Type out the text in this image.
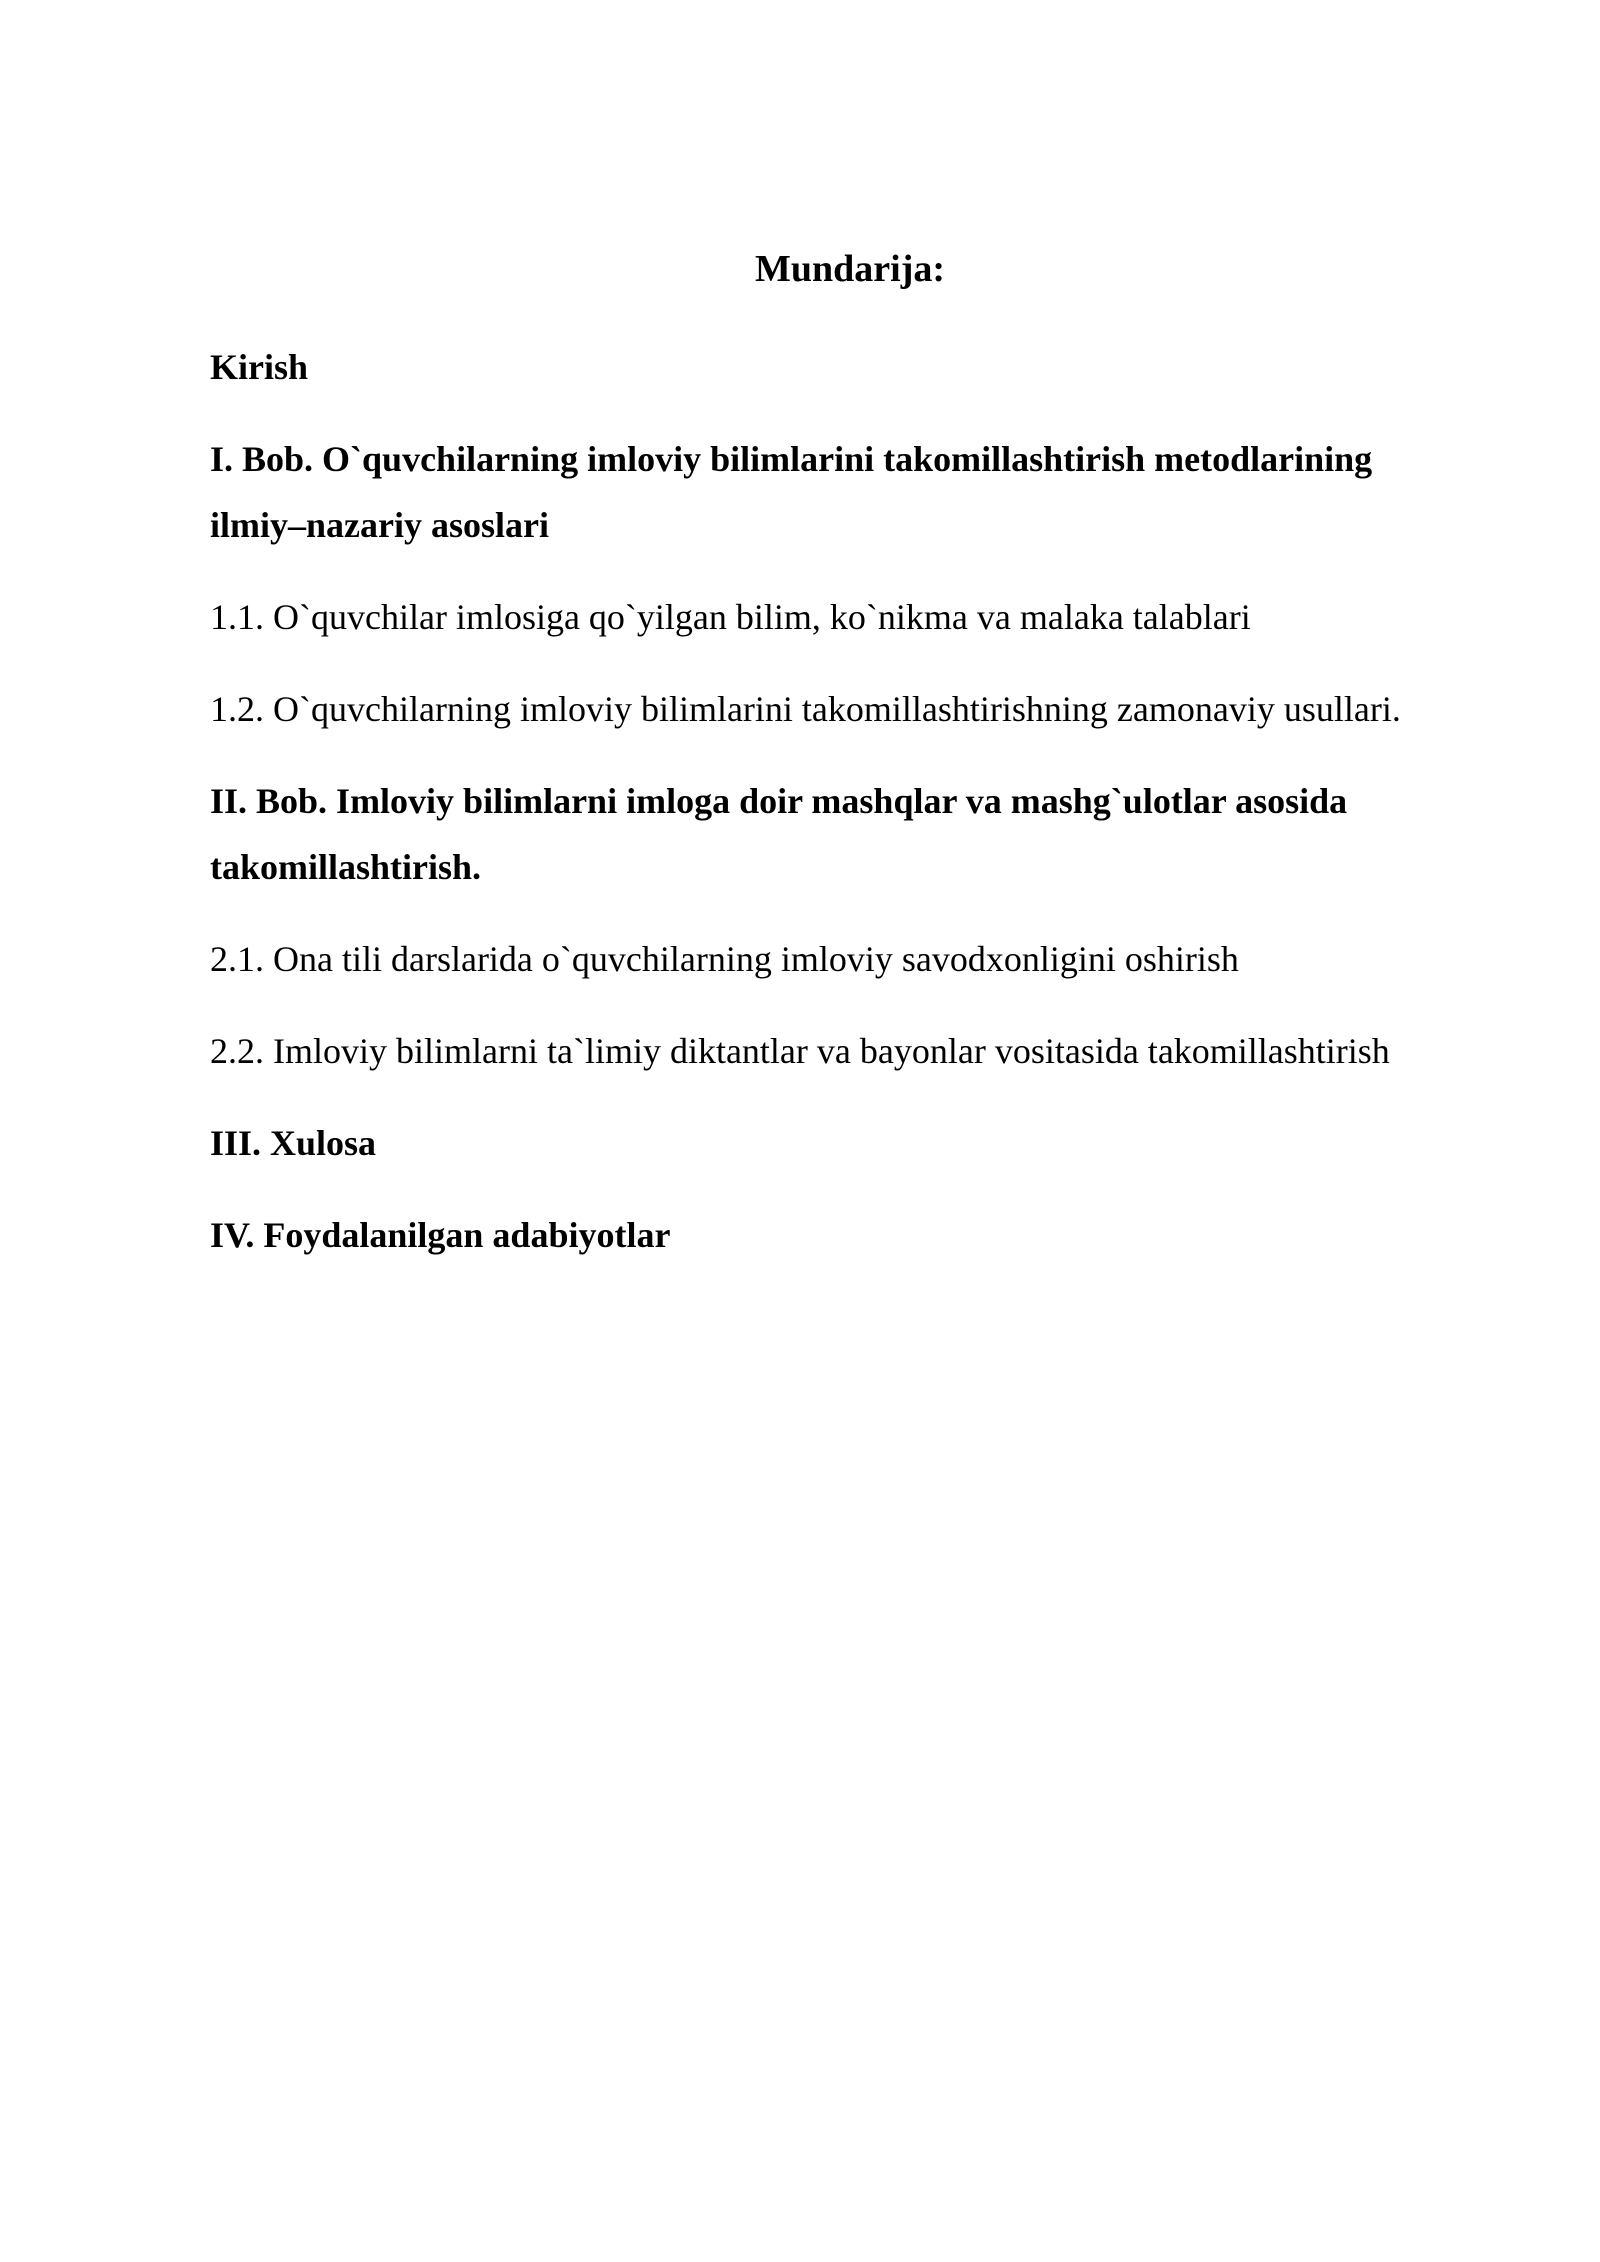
Mundarija:
Kirish
I. Bob. O`quvchilarning imloviy bilimlarini takomillashtirish metodlarining
ilmiy–nazariy asoslari
1.1. O`quvchilar imlosiga qo`yilgan bilim, ko`nikma va malaka talablari
1.2. O`quvchilarning imloviy bilimlarini takomillashtirishning zamonaviy usullari.
II. Bob. Imloviy bilimlarni imloga doir mashqlar va mashg`ulotlar asosida
takomillashtirish.
2.1. Ona tili darslarida o`quvchilarning imloviy savodxonligini oshirish
2.2. Imloviy bilimlarni ta`limiy diktantlar va bayonlar vositasida takomillashtirish
III. Xulosa
IV. Foydalanilgan adabiyotlar
